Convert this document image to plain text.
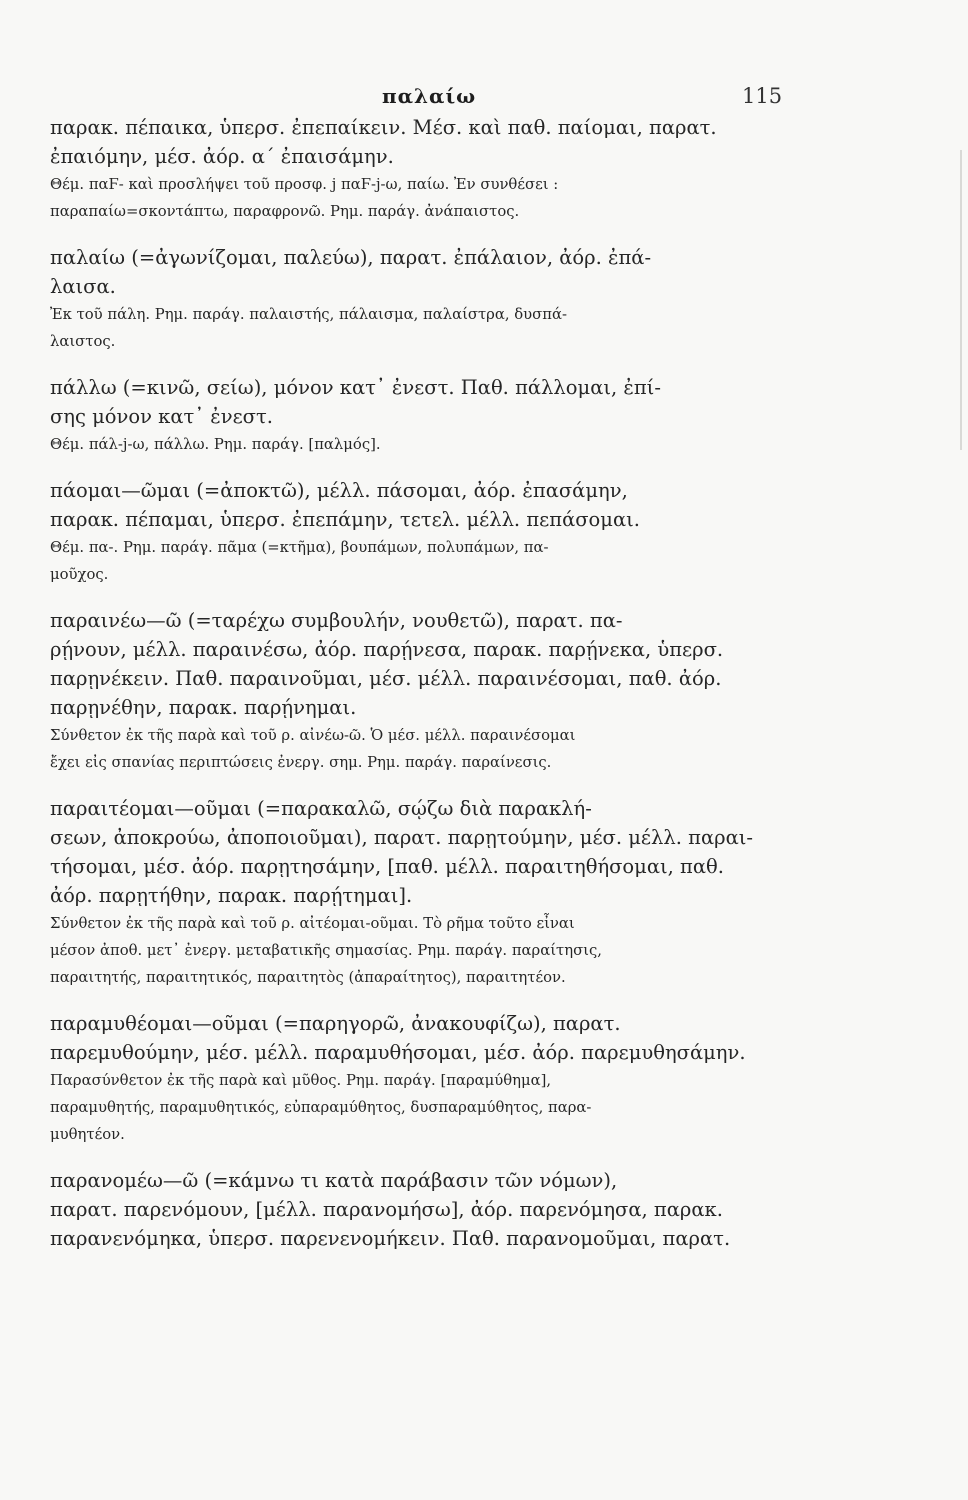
παλαίω	115
παρακ. πέπαικα, ὑπερσ. ἐπεπαίκειν. Μέσ. καὶ παθ. παίομαι, παρατ.
ἐπαιόμην, μέσ. ἀόρ. α΄ ἐπαισάμην.
Θέμ. παϜ- καὶ προσλήψει τοῦ προσφ. j παϜ-j-ω, παίω. Ἐν συνθέσει :
παραπαίω=σκοντάπτω, παραφρονῶ. Ρημ. παράγ. ἀνάπαιστος.
παλαίω (=ἀγωνίζομαι, παλεύω), παρατ. ἐπάλαιον, ἀόρ. ἐπά-
λαισα.
Ἐκ τοῦ πάλη. Ρημ. παράγ. παλαιστής, πάλαισμα, παλαίστρα, δυσπά-
λαιστος.
πάλλω (=κινῶ, σείω), μόνον κατ᾿ ἐνεστ. Παθ. πάλλομαι, ἐπί-
σης μόνον κατ᾿ ἐνεστ.
Θέμ. πάλ-j-ω, πάλλω. Ρημ. παράγ. [παλμός].
πάομαι—ῶμαι (=ἀποκτῶ), μέλλ. πάσομαι, ἀόρ. ἐπασάμην,
παρακ. πέπαμαι, ὑπερσ. ἐπεπάμην, τετελ. μέλλ. πεπάσομαι.
Θέμ. πα-. Ρημ. παράγ. πᾶμα (=κτῆμα), βουπάμων, πολυπάμων, πα-
μοῦχος.
παραινέω—ῶ (=ταρέχω συμβουλήν, νουθετῶ), παρατ. πα-
ρῄνουν, μέλλ. παραινέσω, ἀόρ. παρῄνεσα, παρακ. παρῄνεκα, ὑπερσ.
παρῃνέκειν. Παθ. παραινοῦμαι, μέσ. μέλλ. παραινέσομαι, παθ. ἀόρ.
παρῃνέθην, παρακ. παρῄνημαι.
Σύνθετον ἐκ τῆς παρὰ καὶ τοῦ ρ. αἰνέω-ῶ. Ὁ μέσ. μέλλ. παραινέσομαι
ἔχει εἰς σπανίας περιπτώσεις ἐνεργ. σημ. Ρημ. παράγ. παραίνεσις.
παραιτέομαι—οῦμαι (=παρακαλῶ, σῴζω διὰ παρακλή-
σεων, ἀποκρούω, ἀποποιοῦμαι), παρατ. παρῃτούμην, μέσ. μέλλ. παραι-
τήσομαι, μέσ. ἀόρ. παρῃτησάμην, [παθ. μέλλ. παραιτηθήσομαι, παθ.
ἀόρ. παρῃτήθην, παρακ. παρῄτημαι].
Σύνθετον ἐκ τῆς παρὰ καὶ τοῦ ρ. αἰτέομαι-οῦμαι. Τὸ ρῆμα τοῦτο εἶναι
μέσον ἀποθ. μετ᾿ ἐνεργ. μεταβατικῆς σημασίας. Ρημ. παράγ. παραίτησις,
παραιτητής, παραιτητικός, παραιτητὸς (ἀπαραίτητος), παραιτητέον.
παραμυθέομαι—οῦμαι (=παρηγορῶ, ἀνακουφίζω), παρατ.
παρεμυθούμην, μέσ. μέλλ. παραμυθήσομαι, μέσ. ἀόρ. παρεμυθησάμην.
Παρασύνθετον ἐκ τῆς παρὰ καὶ μῦθος. Ρημ. παράγ. [παραμύθημα],
παραμυθητής, παραμυθητικός, εὐπαραμύθητος, δυσπαραμύθητος, παρα-
μυθητέον.
παρανομέω—ῶ (=κάμνω τι κατὰ παράβασιν τῶν νόμων),
παρατ. παρενόμουν, [μέλλ. παρανομήσω], ἀόρ. παρενόμησα, παρακ.
παρανενόμηκα, ὑπερσ. παρενενομήκειν. Παθ. παρανομοῦμαι, παρατ.
